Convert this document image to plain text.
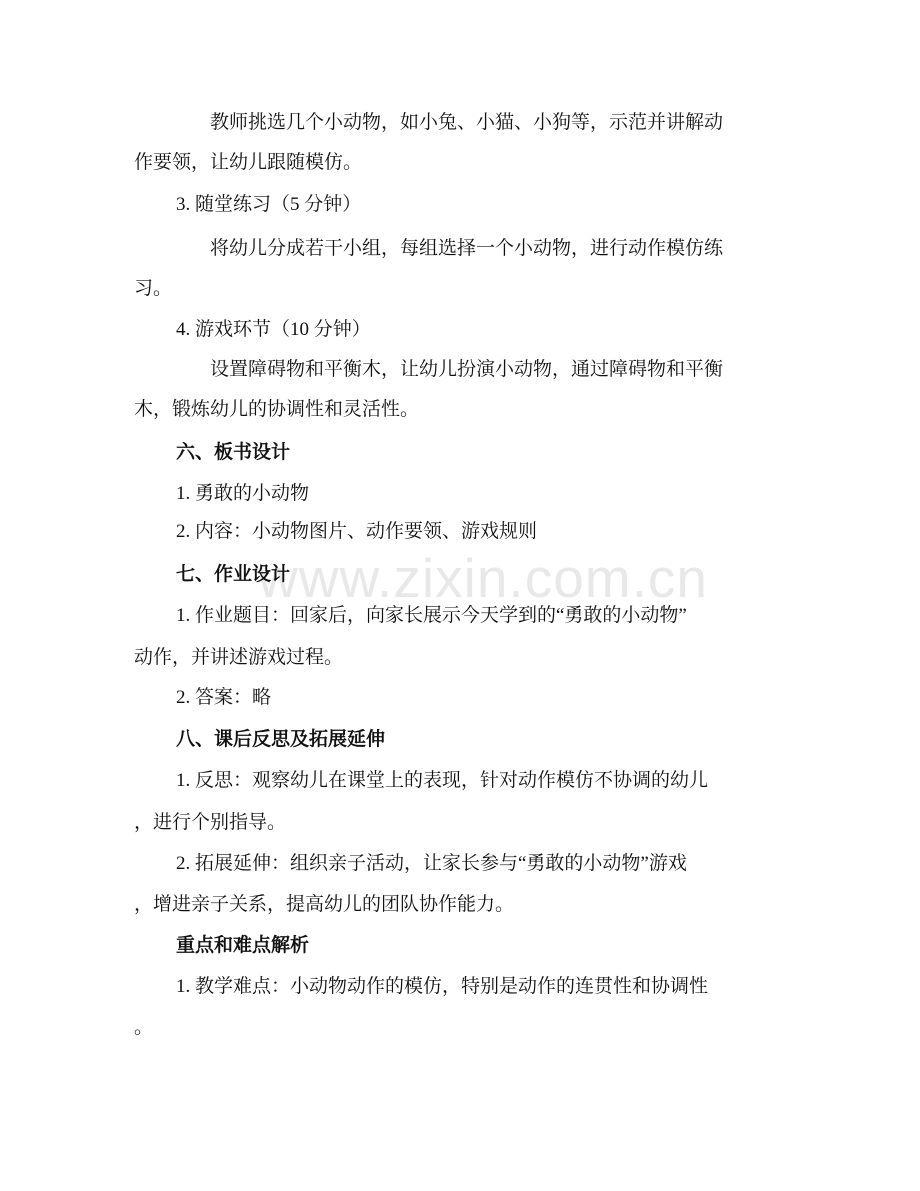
www.zixin.com.cn
教师挑选几个小动物，如小兔、小猫、小狗等，示范并讲解动
作要领，让幼儿跟随模仿。
3. 随堂练习（5 分钟）
将幼儿分成若干小组，每组选择一个小动物，进行动作模仿练
习。
4. 游戏环节（10 分钟）
设置障碍物和平衡木，让幼儿扮演小动物，通过障碍物和平衡
木，锻炼幼儿的协调性和灵活性。
六、板书设计
1. 勇敢的小动物
2. 内容：小动物图片、动作要领、游戏规则
七、作业设计
1. 作业题目：回家后，向家长展示今天学到的“勇敢的小动物”
动作，并讲述游戏过程。
2. 答案：略
八、课后反思及拓展延伸
1. 反思：观察幼儿在课堂上的表现，针对动作模仿不协调的幼儿
，进行个别指导。
2. 拓展延伸：组织亲子活动，让家长参与“勇敢的小动物”游戏
，增进亲子关系，提高幼儿的团队协作能力。
重点和难点解析
1. 教学难点：小动物动作的模仿，特别是动作的连贯性和协调性
。
